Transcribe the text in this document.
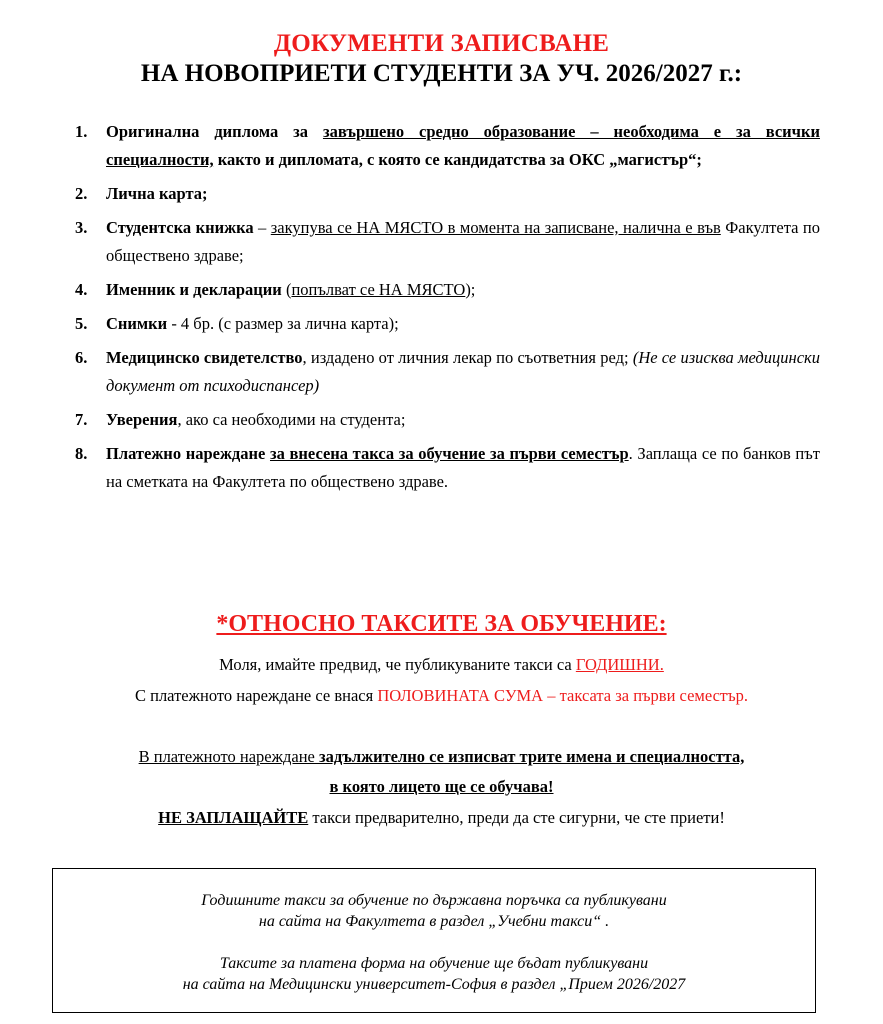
ДОКУМЕНТИ ЗАПИСВАНЕ
НА НОВОПРИЕТИ СТУДЕНТИ ЗА УЧ. 2026/2027 г.:
1. Оригинална диплома за завършено средно образование – необходима е за всички специалности, както и дипломата, с която се кандидатства за ОКС „магистър“;
2. Лична карта;
3. Студентска книжка – закупува се НА МЯСТО в момента на записване, налична е във Факултета по обществено здраве;
4. Именник и декларации (попълват се НА МЯСТО);
5. Снимки - 4 бр. (с размер за лична карта);
6. Медицинско свидетелство, издадено от личния лекар по съответния ред; (Не се изисква медицински документ от психодиспансер)
7. Уверения, ако са необходими на студента;
8. Платежно нареждане за внесена такса за обучение за първи семестър. Заплаща се по банков път на сметката на Факултета по обществено здраве.
*ОТНОСНО ТАКСИТЕ ЗА ОБУЧЕНИЕ:
Моля, имайте предвид, че публикуваните такси са ГОДИШНИ.
С платежното нареждане се внася ПОЛОВИНАТА СУМА – таксата за първи семестър.
В платежното нареждане задължително се изписват трите имена и специалността,
в която лицето ще се обучава!
НЕ ЗАПЛАЩАЙТЕ такси предварително, преди да сте сигурни, че сте приети!
Годишните такси за обучение по държавна поръчка са публикувани
на сайта на Факултета в раздел „Учебни такси“ .
Таксите за платена форма на обучение ще бъдат публикувани
на сайта на Медицински университет-София в раздел „Прием 2026/2027
